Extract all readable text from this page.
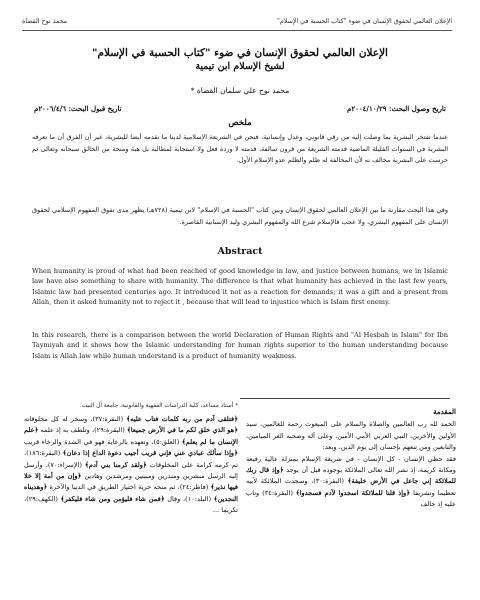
الإعلان العالمي لحقوق الإنسان في ضوء "كتاب الحسبة في الإسلام"
محمد نوح القضاة
الإعلان العالمي لحقوق الإنسان في ضوء "كتاب الحسبة في الإسلام"
لشيخ الإسلام ابن تيمية
محمد نوح علي سلمان القضاة *
تاريخ وصول البحث: ٢٠٠٤/١٠/٢٩م
تاريخ قبول البحث: ٢٠٠٦/٤/٦م
ملخص

عندما تفتخر البشرية بما وصلت إليه من رقي قانوني، وعدل وإنسانية، فنحن في الشريعة الإسلامية لدينا ما نقدمه أيضا للبشرية، غير أن الفرق أن ما تعرفه البشرية في السنوات القليلة الماضية قدمته الشريعة من قرون سالفة، قدمته لا وردة فعل ولا استجابة لمطالبة بل هبة ومنحة من الخالق سبحانه وتعالى ثم حرست على البشرية مخالف نه لأن المخالفة له ظلم والظلم عدو الإسلام الأول.

وفي هذا البحث مقارنة ما بين الإعلان العالمي لحقوق الإنسان وبين كتاب "الحسبة في الإسلام" لابن تيمية (٧٢٨هـ) يظهر مدى تفوق المفهوم الإسلامي لحقوق الإنسان على المفهوم البشري، ولا عجب فالإسلام شرع الله والمفهوم البشري وليد الإنسانية القاصرة.

Abstract

When humanity is proud of what had been reached of good knowledge in law, and justice between humans, we in Islamic law have also something to share with humanity. The difference is that what humanity has achieved in the last few years, Islamic law had presented centuries ago. It introduced it not as a reaction for demands; it was a gift and a present from Allah, then it asked humanity not to reject it , because that will lead to injustice which is Islam first enemy.

In this research, there is a comparison between the world Declaration of Human Rights and "Al Hesbah in Islam" for Ibn Taymiyah and it shows how the Islamic understanding for human rights superior to the human understanding because Islam is Allah law while human understand is a product of humanity weakness.

المقدمة

الحمد لله رب العالمين والصلاة والسلام على المبعوث رحمة للعالمين، سيد الأولين والآخرين، النبي العربي الأمي الأمين، وعلى آله وصحبه الغر الميامين، والتابعين ومن تبعهم بإحسان إلى يوم الدين، وبعد:

فقد حظي الإنسان - كل الإنسان - في شريعة الإسلام بمنزلة عالية رفيعة ومكانة كريمة، إذ نشر الله تعالى الملائكة بوجوده قبل أن يوجد ﴿وإذ قال ربك للملائكة إني جاعل في الأرض خليفة﴾ (البقرة:٣٠)، وسجدت الملائكة لأبيه تعظيما وتشريفا ﴿وإذ قلنا للملائكة اسجدوا لآدم فسجدوا﴾ (البقرة:٣٤) وتاب عليه إذ خالف

* أستاذ مساعد، كلية الدراسات الفقهية والقانونية، جامعة آل البيت.

﴿فتلقى آدم من ربه كلمات فتاب عليه﴾ (البقرة:٣٧)، وسخر له كل مخلوقاته ﴿هو الذي خلق لكم ما في الأرض جميعا﴾ (البقرة:٢٩)، وتلطف به إذ علمه ﴿علم الإنسان ما لم يعلم﴾ (العلق:٥)، وتعهده بالرعاية فهو في الشدة والرخاء قريب ﴿وإذا سألك عبادي عني فإني قريب أجيب دعوة الداع إذا دعان﴾ (البقرة:١٨٦)، ثم كرمه كرامة على المخلوقات ﴿ولقد كرمنا بني آدم﴾ (الإسراء:٧٠)، وأرسل إليه الرسل مبشرين ومنذرين ومبينين ومرشدين وهادين ﴿وإن من أمة إلا خلا فيها نذير﴾ (فاطر:٢٤)، ثم منحه حرية اختيار الطريق في الدنيا والآخرة ﴿وهديناه النجدين﴾ (البلد:١٠)، وقال ﴿فمن شاء فليؤمن ومن شاء فليكفر﴾ (الكهف:٢٩)، تكريما ...
